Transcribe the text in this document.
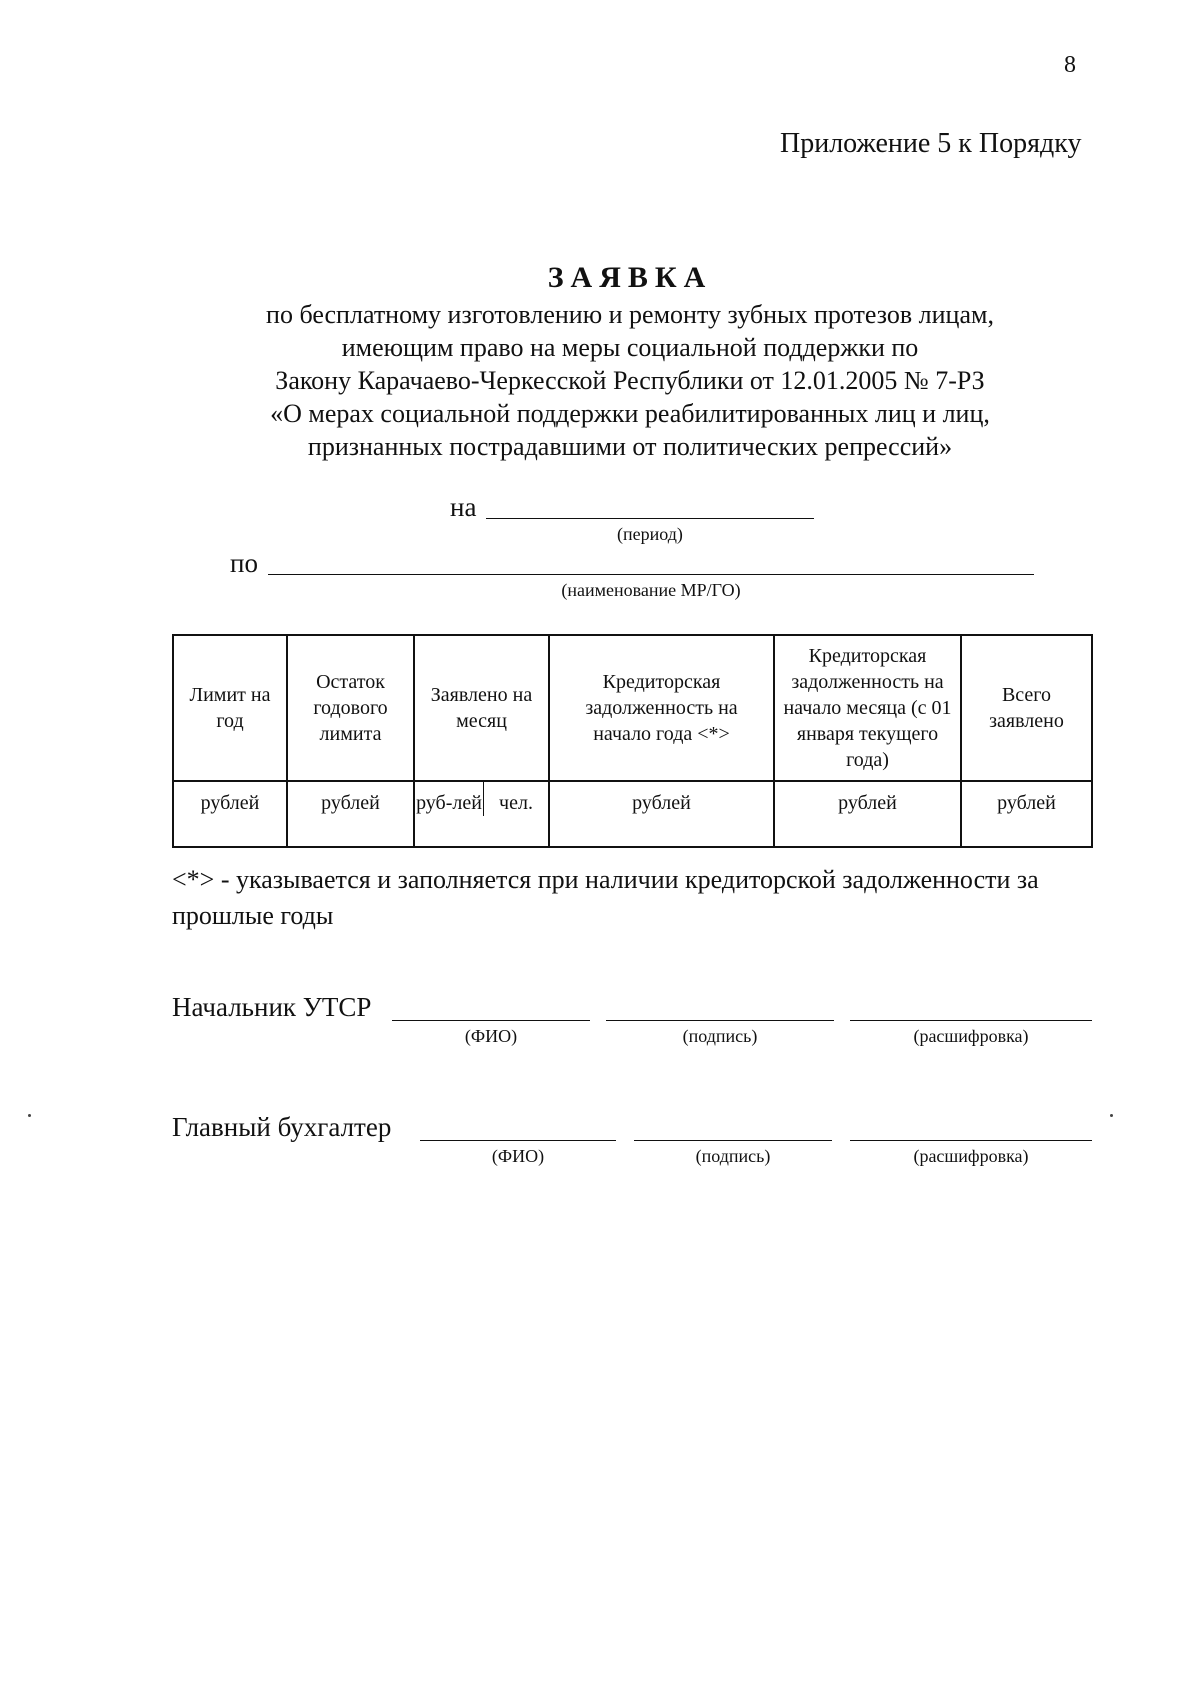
8
Приложение 5 к Порядку
ЗАЯВКА
по бесплатному изготовлению и ремонту зубных протезов лицам,
имеющим право на меры социальной поддержки по
Закону Карачаево-Черкесской Республики от 12.01.2005 № 7-РЗ
«О мерах социальной поддержки реабилитированных лиц и лиц,
признанных пострадавшими от политических репрессий»
на
(период)
по
(наименование МР/ГО)
Лимит на год	Остаток годового лимита	Заявлено на месяц	Кредиторская задолженность на начало года <*>	Кредиторская задолженность на начало месяца (с 01 января текущего года)	Всего заявлено
рублей	рублей	руб-лей чел.	рублей	рублей	рублей
<*> - указывается и заполняется при наличии кредиторской задолженности за прошлые годы
Начальник УТСР
(ФИО)	(подпись)	(расшифровка)
Главный бухгалтер
(ФИО)	(подпись)	(расшифровка)
